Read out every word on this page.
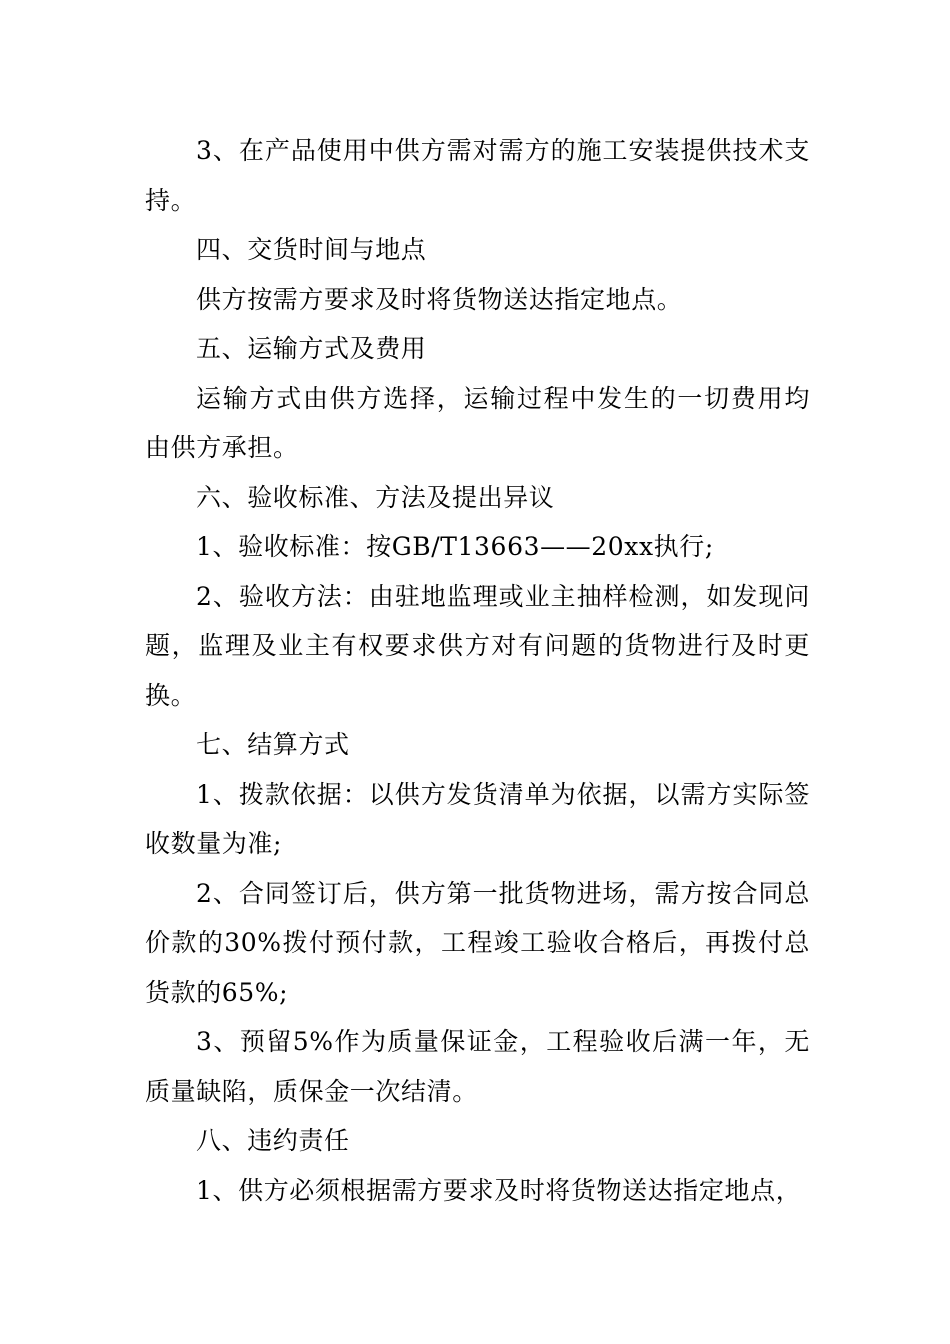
3、在产品使用中供方需对需方的施工安装提供技术支持。

四、交货时间与地点

供方按需方要求及时将货物送达指定地点。

五、运输方式及费用

运输方式由供方选择，运输过程中发生的一切费用均由供方承担。

六、验收标准、方法及提出异议

1、验收标准：按GB/T13663——20xx执行;

2、验收方法：由驻地监理或业主抽样检测，如发现问题，监理及业主有权要求供方对有问题的货物进行及时更换。

七、结算方式

1、拨款依据：以供方发货清单为依据，以需方实际签收数量为准;

2、合同签订后，供方第一批货物进场，需方按合同总价款的30%拨付预付款，工程竣工验收合格后，再拨付总货款的65%;

3、预留5%作为质量保证金，工程验收后满一年，无质量缺陷，质保金一次结清。

八、违约责任

1、供方必须根据需方要求及时将货物送达指定地点，
